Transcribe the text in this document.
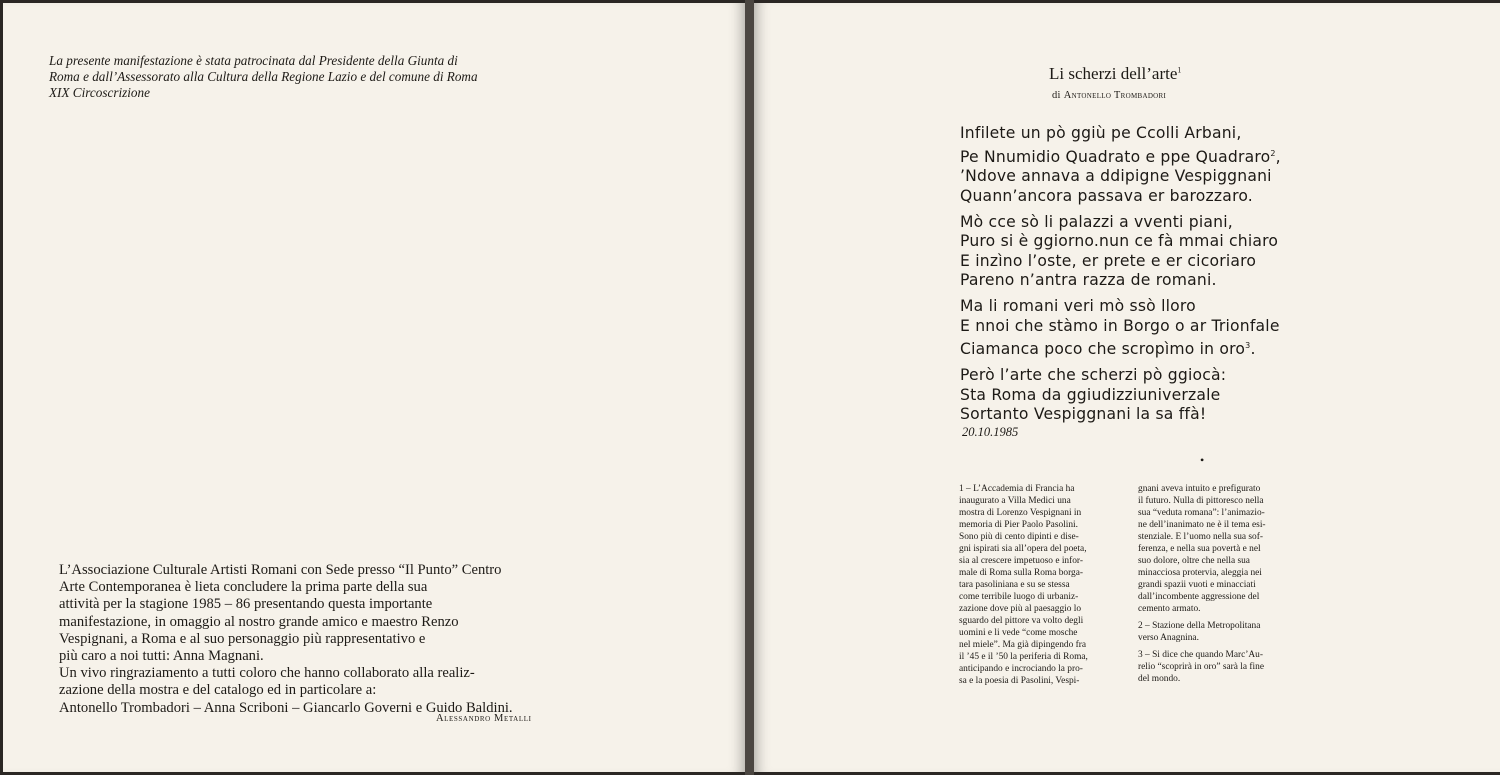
La presente manifestazione è stata patrocinata dal Presidente della Giunta di
Roma e dall’Assessorato alla Cultura della Regione Lazio e del comune di Roma
XIX Circoscrizione
L’Associazione Culturale Artisti Romani con Sede presso “Il Punto” Centro
Arte Contemporanea è lieta concludere la prima parte della sua
attività per la stagione 1985 – 86 presentando questa importante
manifestazione, in omaggio al nostro grande amico e maestro Renzo
Vespignani, a Roma e al suo personaggio più rappresentativo e
più caro a noi tutti: Anna Magnani.
Un vivo ringraziamento a tutti coloro che hanno collaborato alla realiz-
zazione della mostra e del catalogo ed in particolare a:
Antonello Trombadori – Anna Scriboni – Giancarlo Governi e Guido Baldini.
Alessandro Metalli
Li scherzi dell’arte$^1$
di Antonello Trombadori
Infilete un pò ggiù pe Ccolli Arbani,
Pe Nnumidio Quadrato e ppe Quadraro$^2$,
’Ndove annava a ddipigne Vespiggnani
Quann’ancora passava er barozzaro.
Mò cce sò li palazzi a vventi piani,
Puro si è ggiorno.nun ce fà mmai chiaro
E inzìno l’oste, er prete e er cicoriaro
Pareno n’antra razza de romani.
Ma li romani veri mò ssò lloro
E nnoi che stàmo in Borgo o ar Trionfale
Ciamanca poco che scropìmo in oro$^3$.
Però l’arte che scherzi pò ggiocà:
Sta Roma da ggiudizziuniverzale
Sortanto Vespiggnani la sa ffà!
20.10.1985
•
1 – L’Accademia di Francia ha
inaugurato a Villa Medici una
mostra di Lorenzo Vespignani in
memoria di Pier Paolo Pasolini.
Sono più di cento dipinti e dise-
gni ispirati sia all’opera del poeta,
sia al crescere impetuoso e infor-
male di Roma sulla Roma borga-
tara pasoliniana e su se stessa
come terribile luogo di urbaniz-
zazione dove più al paesaggio lo
sguardo del pittore va volto degli
uomini e li vede “come mosche
nel miele”. Ma già dipingendo fra
il ’45 e il ’50 la periferia di Roma,
anticipando e incrociando la pro-
sa e la poesia di Pasolini, Vespi-
gnani aveva intuito e prefigurato
il futuro. Nulla di pittoresco nella
sua “veduta romana”: l’animazio-
ne dell’inanimato ne è il tema esi-
stenziale. E l’uomo nella sua sof-
ferenza, e nella sua povertà e nel
suo dolore, oltre che nella sua
minacciosa protervia, aleggia nei
grandi spazii vuoti e minacciati
dall’incombente aggressione del
cemento armato.
2 – Stazione della Metropolitana
verso Anagnina.
3 – Si dice che quando Marc’Au-
relio “scoprirà in oro” sarà la fine
del mondo.
